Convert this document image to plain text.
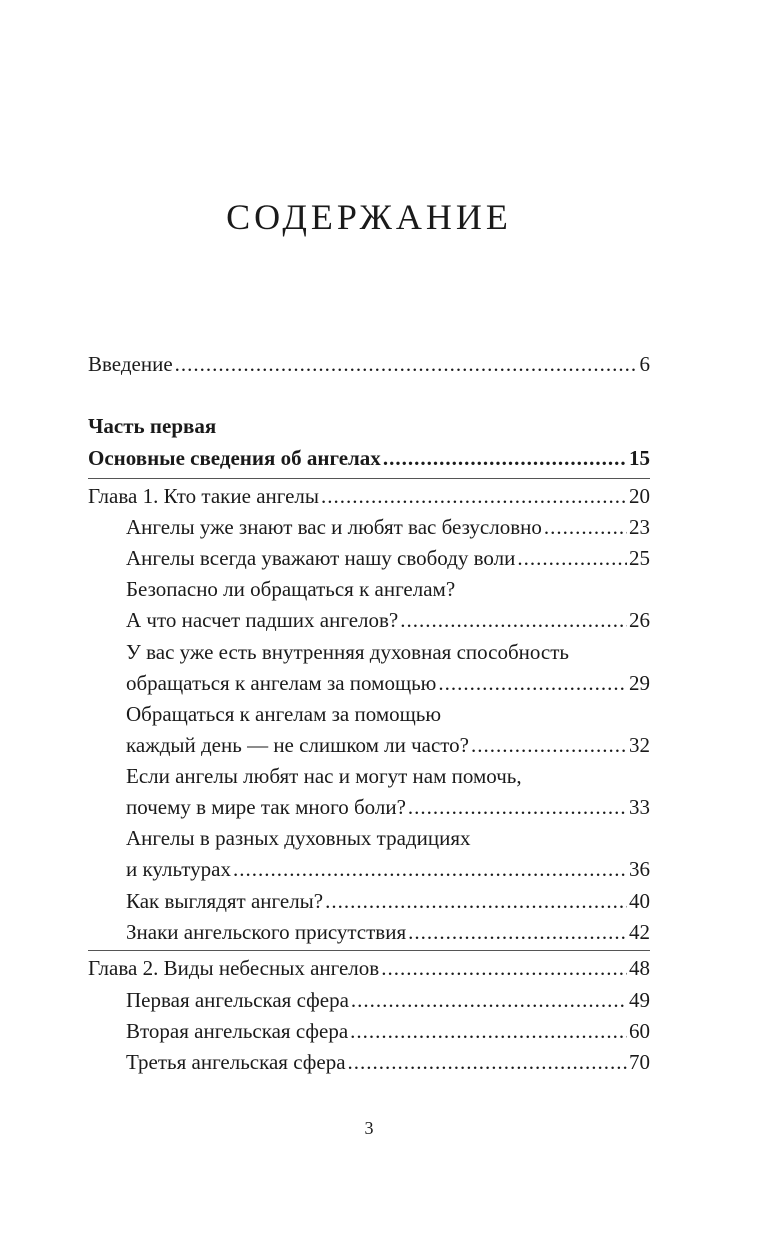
СОДЕРЖАНИЕ
Введение .....	6
Часть первая
Основные сведения об ангелах .....	15
Глава 1. Кто такие ангелы .....	20
Ангелы уже знают вас и любят вас безусловно .....	23
Ангелы всегда уважают нашу свободу воли .....	25
Безопасно ли обращаться к ангелам?
А что насчет падших ангелов? .....	26
У вас уже есть внутренняя духовная способность
обращаться к ангелам за помощью .....	29
Обращаться к ангелам за помощью
каждый день — не слишком ли часто? .....	32
Если ангелы любят нас и могут нам помочь,
почему в мире так много боли? .....	33
Ангелы в разных духовных традициях
и культурах .....	36
Как выглядят ангелы? .....	40
Знаки ангельского присутствия .....	42
Глава 2. Виды небесных ангелов .....	48
Первая ангельская сфера .....	49
Вторая ангельская сфера .....	60
Третья ангельская сфера .....	70
3
